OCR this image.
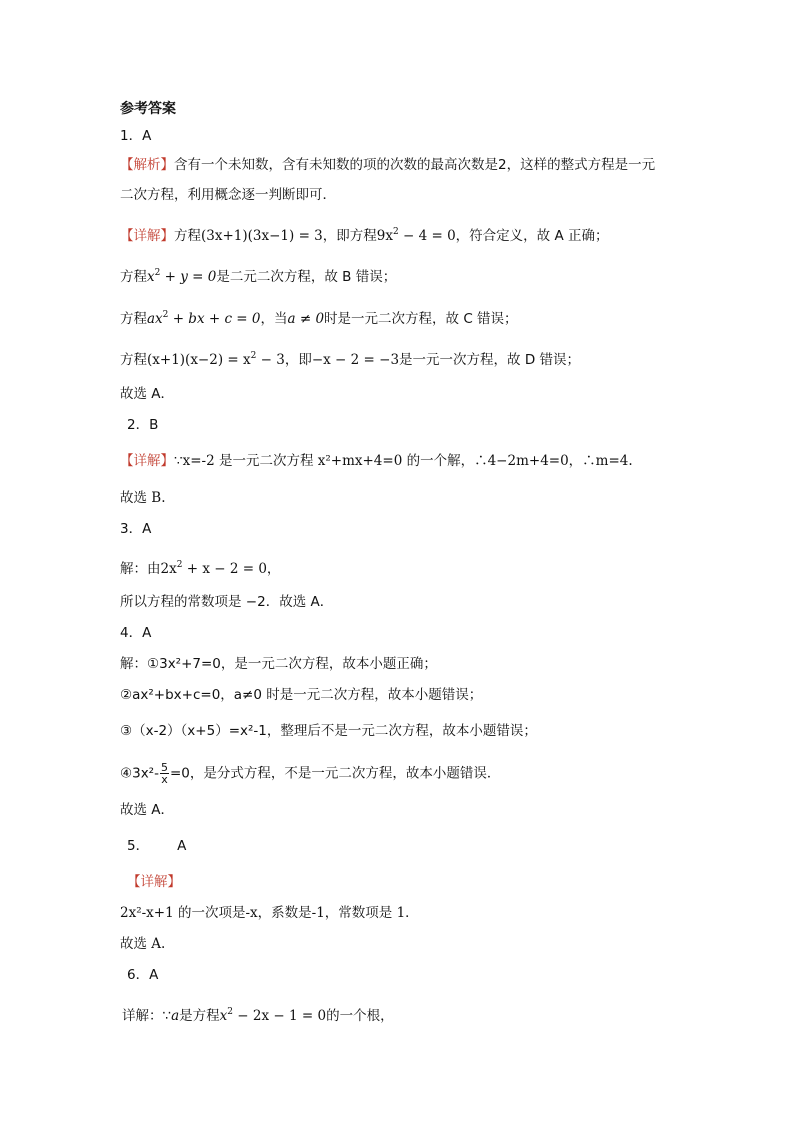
参考答案
1．A
【解析】含有一个未知数，含有未知数的项的次数的最高次数是2，这样的整式方程是一元
二次方程，利用概念逐一判断即可．
【详解】方程(3x+1)(3x−1) = 3，即方程$9x^2 - 4 = 0$，符合定义，故 A 正确；
方程$x^2 + y = 0$是二元二次方程，故 B 错误；
方程$ax^2$ + bx + c = 0，当a ≠ 0时是一元二次方程，故 C 错误；
方程$(x+1)(x-2) = x^2 - 3$，即−x − 2 = −3是一元一次方程，故 D 错误；
故选 A．
2．B
【详解】∵x=-2 是一元二次方程 x²+mx+4=0 的一个解，∴4−2m+4=0，∴m=4.
故选 B.
3．A
解：由$2x^2 + x - 2 = 0$，
所以方程的常数项是 −2．故选 A．
4．A
解：①3x²+7=0，是一元二次方程，故本小题正确；
②ax²+bx+c=0，a≠0 时是一元二次方程，故本小题错误；
③（x-2）（x+5）=x²-1，整理后不是一元二次方程，故本小题错误；
④3x²- $\frac{5}{x} =0$，是分式方程，不是一元二次方程，故本小题错误．
故选 A．
5． A
【详解】
2x²-x+1 的一次项是-x，系数是-1，常数项是 1．
故选 A.
6．A
详解：∵a是方程$x^2 - 2x - 1 = 0$的一个根，
